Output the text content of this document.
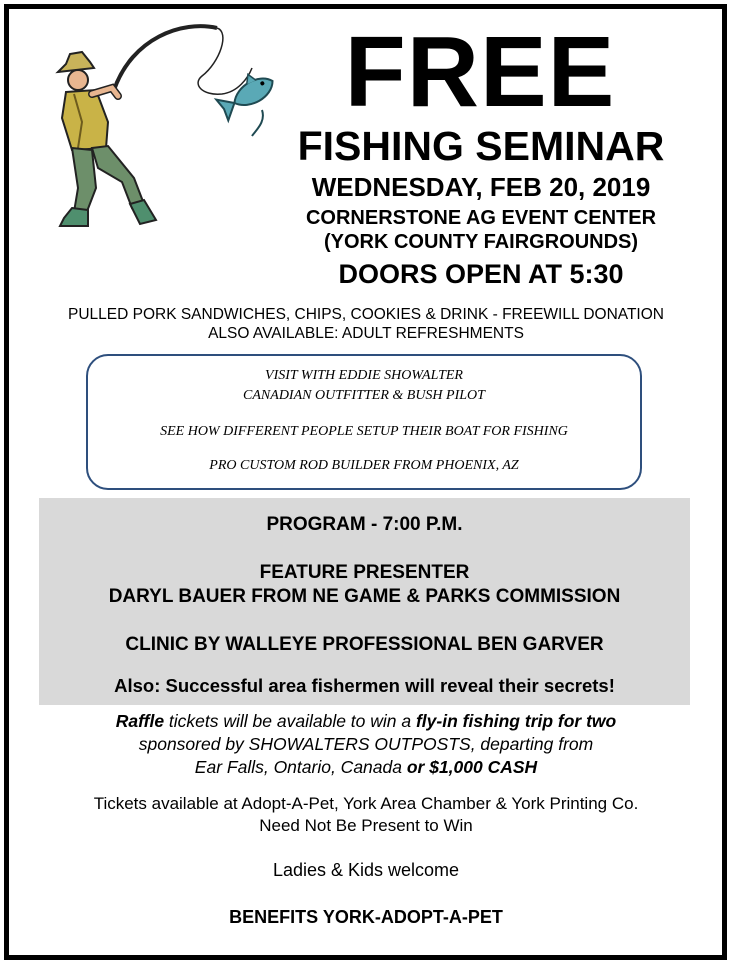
FREE

FISHING SEMINAR

WEDNESDAY, FEB 20, 2019

CORNERSTONE AG EVENT CENTER

(YORK COUNTY FAIRGROUNDS)

DOORS OPEN AT 5:30

PULLED PORK SANDWICHES, CHIPS, COOKIES & DRINK - FREEWILL DONATION

ALSO AVAILABLE: ADULT REFRESHMENTS

VISIT WITH EDDIE SHOWALTER

CANADIAN OUTFITTER & BUSH PILOT

SEE HOW DIFFERENT PEOPLE SETUP THEIR BOAT FOR FISHING

PRO CUSTOM ROD BUILDER FROM PHOENIX, AZ

PROGRAM - 7:00 P.M.

FEATURE PRESENTER

DARYL BAUER FROM NE GAME & PARKS COMMISSION

CLINIC BY WALLEYE PROFESSIONAL BEN GARVER

Also: Successful area fishermen will reveal their secrets!

Raffle tickets will be available to win a fly-in fishing trip for two

sponsored by SHOWALTERS OUTPOSTS, departing from

Ear Falls, Ontario, Canada or $1,000 CASH

Tickets available at Adopt-A-Pet, York Area Chamber & York Printing Co.

Need Not Be Present to Win

Ladies & Kids welcome

BENEFITS YORK-ADOPT-A-PET
